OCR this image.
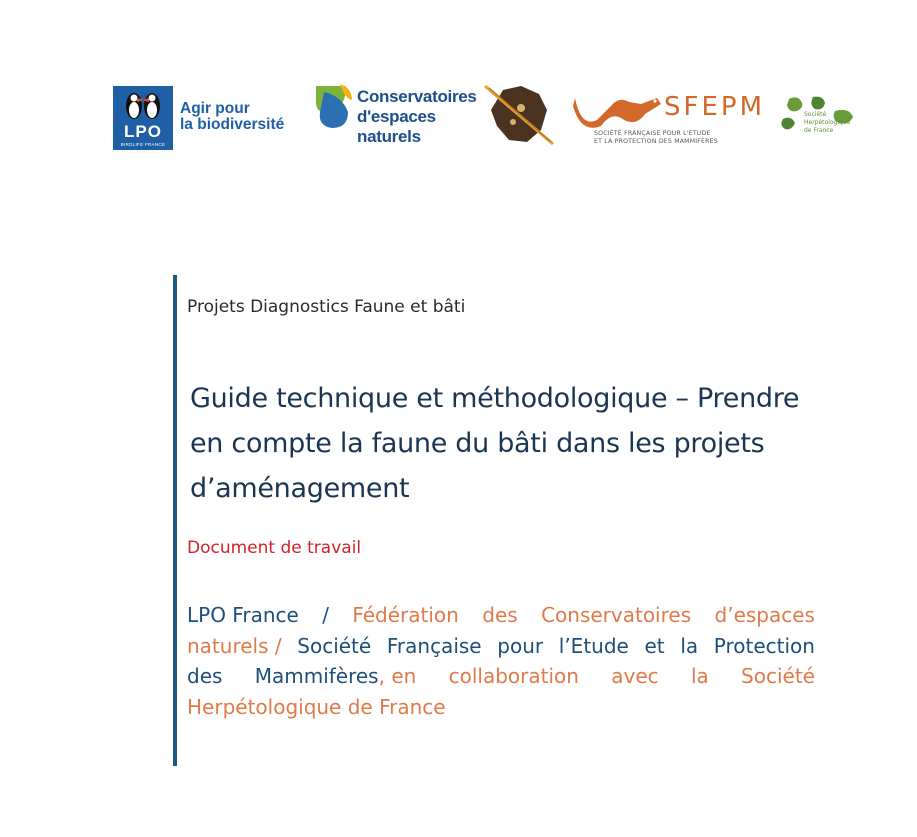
LPO
BIRDLIFE FRANCE
Agir pour
la biodiversité
Conservatoires
d'espaces
naturels
SFEPM
SOCIÉTÉ FRANÇAISE POUR L'ETUDE
ET LA PROTECTION DES MAMMIFÈRES
Société
Herpétologique
de France
Projets Diagnostics Faune et bâti
Guide technique et méthodologique – Prendre
en compte la faune du bâti dans les projets
d’aménagement
Document de travail
LPO France / Fédération des Conservatoires d’espaces
naturels / Société Française pour l’Etude et la Protection
des Mammifères, en collaboration avec la Société
Herpétologique de France
